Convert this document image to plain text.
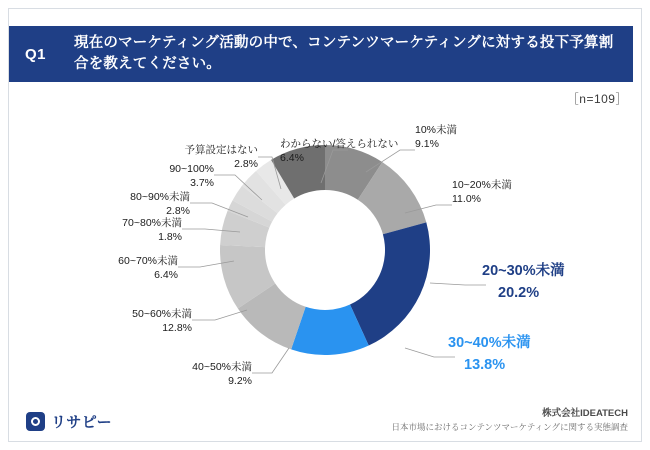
Q1
現在のマーケティング活動の中で、コンテンツマーケティングに対する投下予算割合を教えてください。
［n=109］
10%未満
9.1%
10~20%未満
11.0%
20~30%未満
20.2%
30~40%未満
13.8%
40~50%未満
9.2%
50~60%未満
12.8%
60~70%未満
6.4%
70~80%未満
1.8%
80~90%未満
2.8%
90~100%
3.7%
予算設定はない
2.8%
わからない/答えられない
6.4%
リサピー
株式会社IDEATECH
日本市場におけるコンテンツマーケティングに関する実態調査
